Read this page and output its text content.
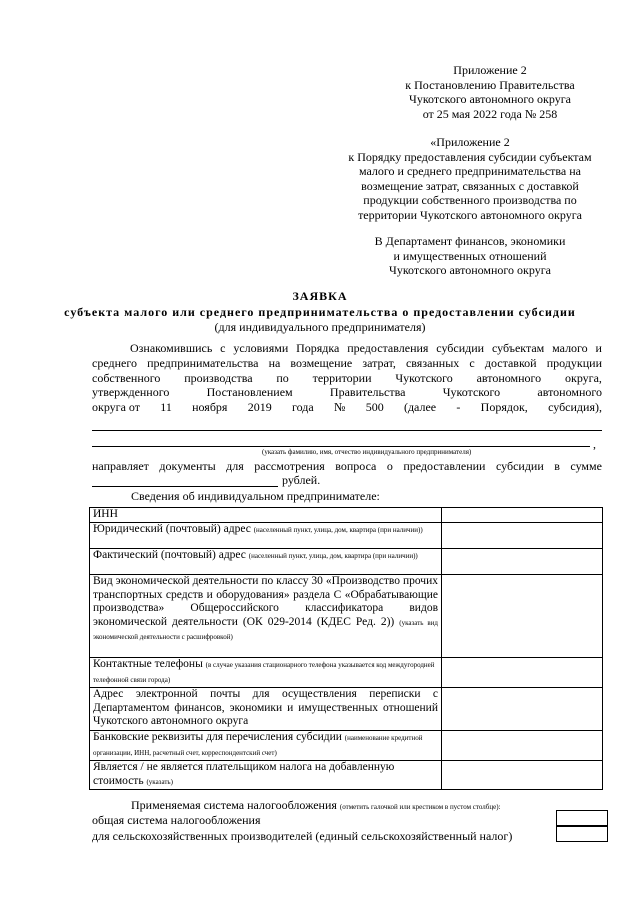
Приложение 2
к Постановлению Правительства
Чукотского автономного округа
от 25 мая 2022 года № 258
«Приложение 2
к Порядку предоставления субсидии субъектам
малого и среднего предпринимательства на
возмещение затрат, связанных с доставкой
продукции собственного производства по
территории Чукотского автономного округа
В Департамент финансов, экономики
и имущественных отношений
Чукотского автономного округа
ЗАЯВКА
субъекта малого или среднего предпринимательства о предоставлении субсидии
(для индивидуального предпринимателя)
Ознакомившись с условиями Порядка предоставления субсидии субъектам малого и
среднего предпринимательства на возмещение затрат, связанных с доставкой продукции
собственного производства по территории Чукотского автономного округа,
утвержденного	Постановлением	Правительства	Чукотского	автономного
округа от 11 ноября 2019 года № 500 (далее - Порядок, субсидия),
,
(указать фамилию, имя, отчество индивидуального предпринимателя)
направляет документы для рассмотрения вопроса о предоставлении субсидии в сумме
рублей.
Сведения об индивидуальном предпринимателе:
ИНН	
Юридический (почтовый) адрес (населенный пункт, улица, дом, квартира (при наличии))	
Фактический (почтовый) адрес (населенный пункт, улица, дом, квартира (при наличии))	
Вид экономической деятельности по классу 30 «Производство прочих транспортных средств и оборудования» раздела С «Обрабатывающие производства» Общероссийского классификатора видов экономической деятельности (ОК 029-2014 (КДЕС Ред. 2)) (указать вид экономической деятельности с расшифровкой)	
Контактные телефоны (в случае указания стационарного телефона указывается код междугородней телефонной связи города)	
Адрес электронной почты для осуществления переписки с Департаментом финансов, экономики и имущественных отношений Чукотского автономного округа	
Банковские реквизиты для перечисления субсидии (наименование кредитной организации, ИНН, расчетный счет, корреспондентский счет)	
Является / не является плательщиком налога на добавленную стоимость (указать)	
Применяемая система налогообложения (отметить галочкой или крестиком в пустом столбце):
общая система налогообложения
для сельскохозяйственных производителей (единый сельскохозяйственный налог)
